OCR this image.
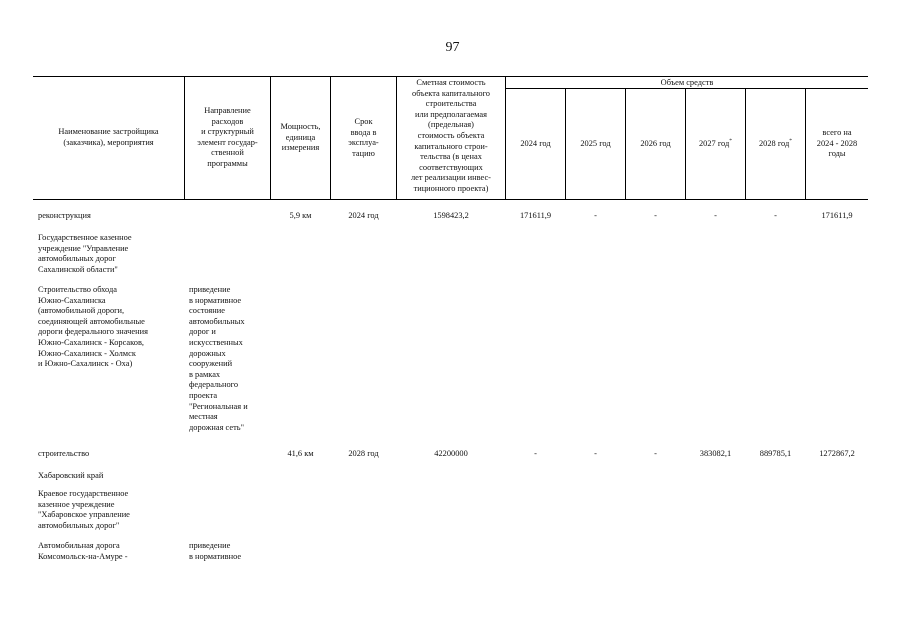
97
Наименование застройщика
(заказчика), мероприятия
Направление
расходов
и структурный
элемент государ-
ственной
программы
Мощность,
единица
измерения
Срок
ввода в
эксплуа-
тацию
Сметная стоимость
объекта капитального
строительства
или предполагаемая
(предельная)
стоимость объекта
капитального строи-
тельства (в ценах
соответствующих
лет реализации инвес-
тиционного проекта)
Объем средств
2024 год	2025 год	2026 год	2027 год*	2028 год*
всего на
2024 - 2028
годы
реконструкция	5,9 км	2024 год	1598423,2	171611,9	-	-	-	-	171611,9
Государственное казенное
учреждение "Управление
автомобильных дорог
Сахалинской области"
Строительство обхода
Южно-Сахалинска
(автомобильной дороги,
соединяющей автомобильные
дороги федерального значения
Южно-Сахалинск - Корсаков,
Южно-Сахалинск - Холмск
и Южно-Сахалинск - Оха)
приведение
в нормативное
состояние
автомобильных
дорог и
искусственных
дорожных
сооружений
в рамках
федерального
проекта
"Региональная и
местная
дорожная сеть"
строительство	41,6 км	2028 год	42200000	-	-	-	383082,1	889785,1	1272867,2
Хабаровский край
Краевое государственное
казенное учреждение
"Хабаровское управление
автомобильных дорог"
Автомобильная дорога
Комсомольск-на-Амуре -
приведение
в нормативное
